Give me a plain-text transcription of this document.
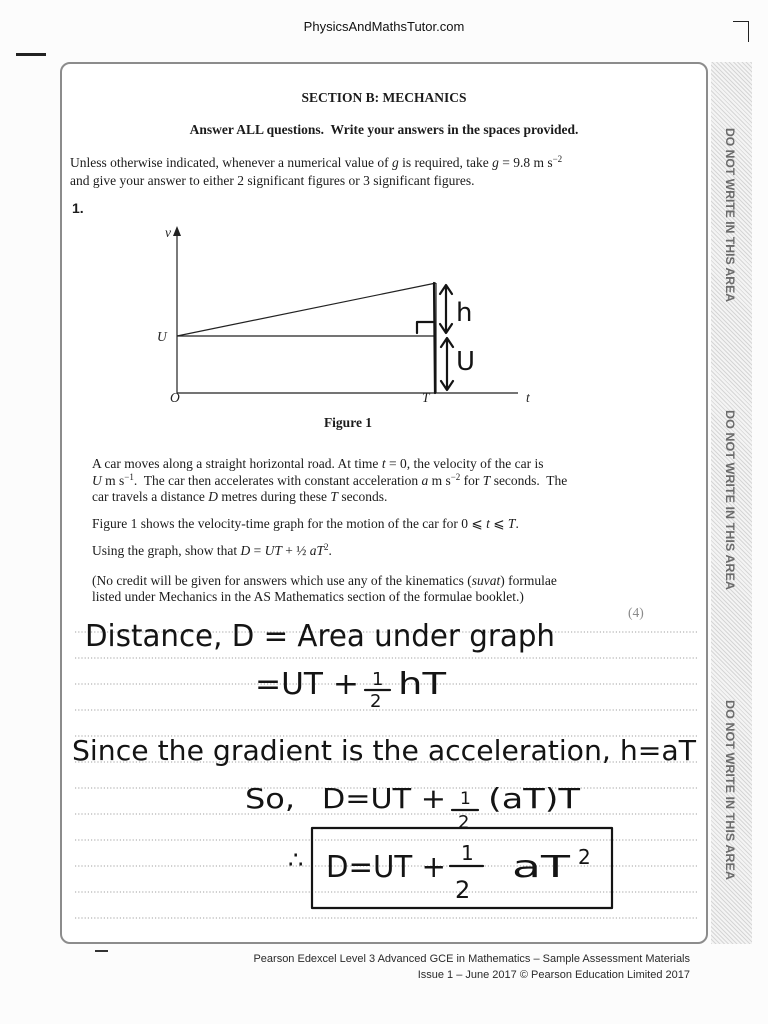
PhysicsAndMathsTutor.com
DO NOT WRITE IN THIS AREA
DO NOT WRITE IN THIS AREA
DO NOT WRITE IN THIS AREA
v
U
O	T	t
h
U
Distance, D = Area under graph
=UT + 1
2 hT
Since the gradient is the acceleration, h=aT
So, D=UT + 1
2
(aT)T
∴ D=UT + 1
2
aT 2
SECTION B: MECHANICS
Answer ALL questions.  Write your answers in the spaces provided.
Unless otherwise indicated, whenever a numerical value of g is required, take g = 9.8 m $s^{-2}$
and give your answer to either 2 significant figures or 3 significant figures.
1.
Figure 1
A car moves along a straight horizontal road. At time t = 0, the velocity of the car is
U m $s^{-1}$.  The car then accelerates with constant acceleration a m $s^{-2}$ for T seconds.  The
car travels a distance D metres during these T seconds.
Figure 1 shows the velocity-time graph for the motion of the car for 0 ⩽ t ⩽ T.
Using the graph, show that D = UT + ½ $aT^2$.
(No credit will be given for answers which use any of the kinematics (suvat) formulae
listed under Mechanics in the AS Mathematics section of the formulae booklet.)
(4)
Pearson Edexcel Level 3 Advanced GCE in Mathematics – Sample Assessment Materials
Issue 1 – June 2017 © Pearson Education Limited 2017
